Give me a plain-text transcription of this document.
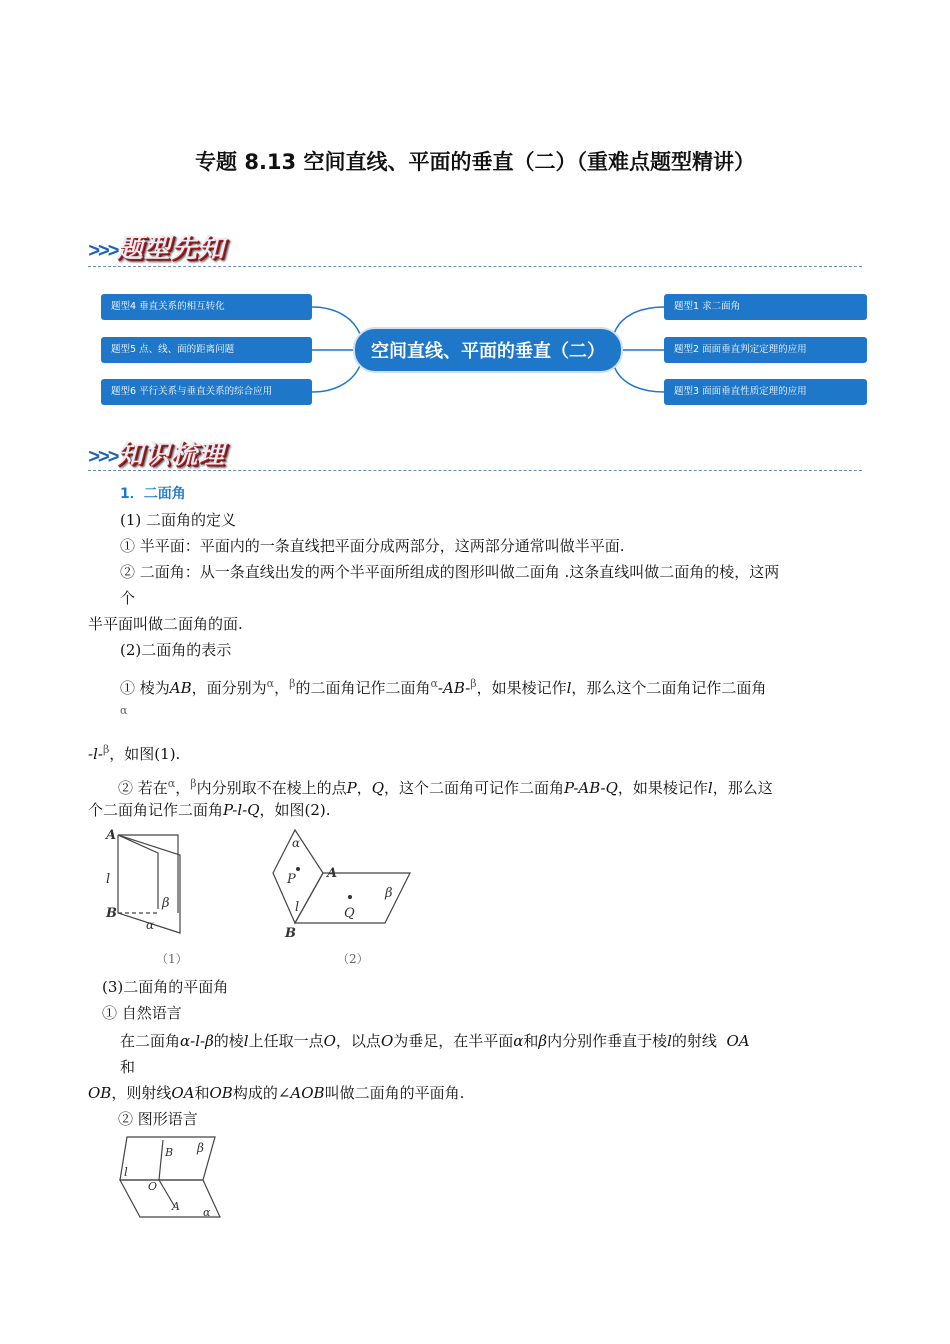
专题 8.13 空间直线、平面的垂直（二）（重难点题型精讲）
>>>题型先知
题型4 垂直关系的相互转化
题型5 点、线、面的距离问题
题型6 平行关系与垂直关系的综合应用
空间直线、平面的垂直（二）
题型1 求二面角
题型2 面面垂直判定定理的应用
题型3 面面垂直性质定理的应用
>>>知识梳理
1．二面角
(1) 二面角的定义
① 半平面：平面内的一条直线把平面分成两部分，这两部分通常叫做半平面.
② 二面角：从一条直线出发的两个半平面所组成的图形叫做二面角 .这条直线叫做二面角的棱，这两
个
半平面叫做二面角的面.
(2)二面角的表示
① 棱为AB，面分别为$^\alpha$，$^\beta$的二面角记作二面角$^\alpha$-AB-$^\beta$，如果棱记作l，那么这个二面角记作二面角
α
-l-$^\beta$，如图(1).
② 若在$^\alpha$，$^\beta$内分别取不在棱上的点P，Q，这个二面角可记作二面角P-AB-Q，如果棱记作l，那么这
个二面角记作二面角P-l-Q，如图(2).
A
l
B
β
α
（1）
α
P A
l	Q
β
B
（2）
(3)二面角的平面角
① 自然语言
在二面角α-l-β的棱l上任取一点O，以点O为垂足，在半平面α和β内分别作垂直于棱l的射线 OA
和
OB，则射线OA和OB构成的∠AOB叫做二面角的平面角.
② 图形语言
B β
l
O
A α
